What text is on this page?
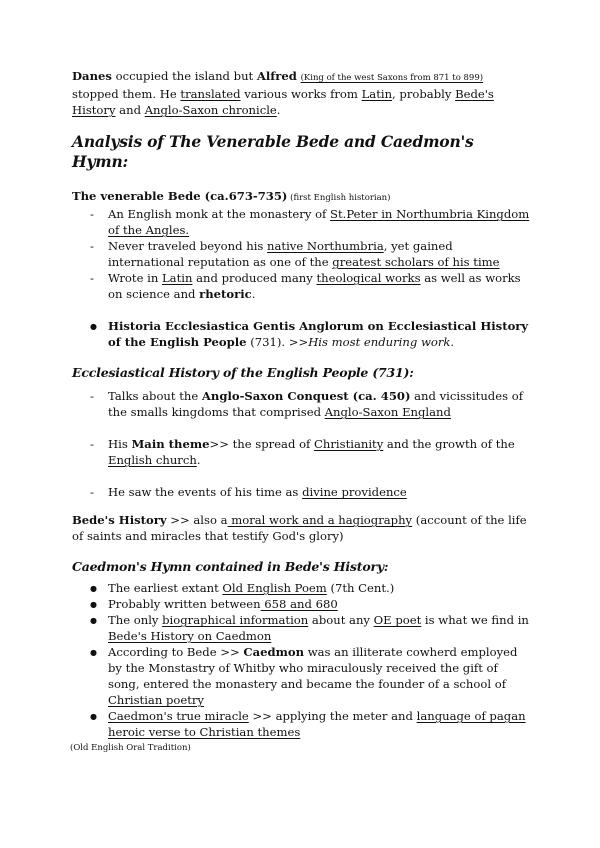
Danes occupied the island but Alfred (King of the west Saxons from 871 to 899) stopped them. He translated various works from Latin, probably Bede's History and Anglo-Saxon chronicle.

Analysis of The Venerable Bede and Caedmon's Hymn:

The venerable Bede (ca.673-735) (first English historian)

- An English monk at the monastery of St.Peter in Northumbria Kingdom of the Angles.
- Never traveled beyond his native Northumbria, yet gained international reputation as one of the greatest scholars of his time
- Wrote in Latin and produced many theological works as well as works on science and rhetoric.
● Historia Ecclesiastica Gentis Anglorum on Ecclesiastical History of the English People (731). >>His most enduring work.
Ecclesiastical History of the English People (731):
- Talks about the Anglo-Saxon Conquest (ca. 450) and vicissitudes of the smalls kingdoms that comprised Anglo-Saxon England
- His Main theme>> the spread of Christianity and the growth of the English church.
- He saw the events of his time as divine providence

Bede's History >> also a moral work and a hagiography (account of the life of saints and miracles that testify God's glory)

Caedmon's Hymn contained in Bede's History:
● The earliest extant Old English Poem (7th Cent.)
● Probably written between 658 and 680
● The only biographical information about any OE poet is what we find in Bede's History on Caedmon
● According to Bede >> Caedmon was an illiterate cowherd employed by the Monstastry of Whitby who miraculously received the gift of song, entered the monastery and became the founder of a school of Christian poetry
● Caedmon's true miracle >> applying the meter and language of pagan heroic verse to Christian themes

(Old English Oral Tradition)
